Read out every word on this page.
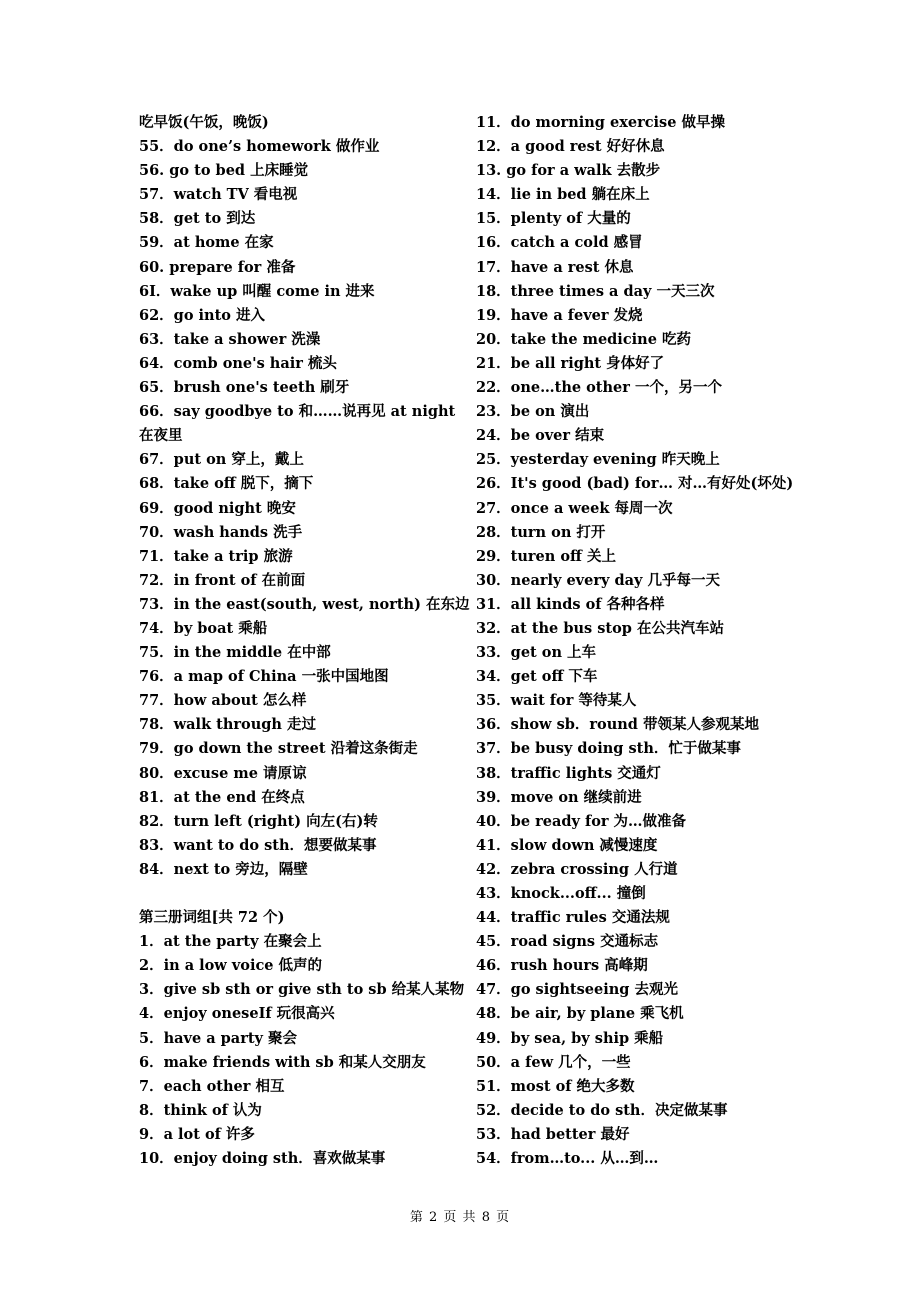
吃早饭(午饭，晚饭)
55．do one’s homework 做作业
56. go to bed 上床睡觉
57．watch TV 看电视
58．get to 到达
59．at home 在家
60. prepare for 准备
6I．wake up 叫醒 come in 进来
62．go into 进入
63．take a shower 洗澡
64．comb one's hair 梳头
65．brush one's teeth 刷牙
66．say goodbye to 和……说再见 at night 在夜里
67．put on 穿上，戴上
68．take off 脱下，摘下
69．good night 晚安
70．wash hands 洗手
71．take a trip 旅游
72．in front of 在前面
73．in the east(south, west, north) 在东边
74．by boat 乘船
75．in the middle 在中部
76．a map of China 一张中国地图
77．how about 怎么样
78．walk through 走过
79．go down the street 沿着这条街走
80．excuse me 请原谅
81．at the end 在终点
82．turn left (right) 向左(右)转
83．want to do sth．想要做某事
84．next to 旁边，隔壁
第三册词组[共 72 个)
1．at the party 在聚会上
2．in a low voice 低声的
3．give sb sth or give sth to sb 给某人某物
4．enjoy oneseIf 玩很高兴
5．have a party 聚会
6．make friends with sb 和某人交朋友
7．each other 相互
8．think of 认为
9．a lot of 许多
10．enjoy doing sth．喜欢做某事
11．do morning exercise 做早操
12．a good rest 好好休息
13. go for a walk 去散步
14．lie in bed 躺在床上
15．plenty of 大量的
16．catch a cold 感冒
17．have a rest 休息
18．three times a day 一天三次
19．have a fever 发烧
20．take the medicine 吃药
21．be all right 身体好了
22．one…the other 一个，另一个
23．be on 演出
24．be over 结束
25．yesterday evening 昨天晚上
26．It's good (bad) for… 对…有好处(坏处)
27．once a week 每周一次
28．turn on 打开
29．turen off 关上
30．nearly every day 几乎每一天
31．all kinds of 各种各样
32．at the bus stop 在公共汽车站
33．get on 上车
34．get off 下车
35．wait for 等待某人
36．show sb．round 带领某人参观某地
37．be busy doing sth．忙于做某事
38．traffic lights 交通灯
39．move on 继续前进
40．be ready for 为…做准备
41．slow down 减慢速度
42．zebra crossing 人行道
43．knock...off... 撞倒
44．traffic rules 交通法规
45．road signs 交通标志
46．rush hours 高峰期
47．go sightseeing 去观光
48．be air, by plane 乘飞机
49．by sea, by ship 乘船
50．a few 几个，一些
51．most of 绝大多数
52．decide to do sth．决定做某事
53．had better 最好
54．from…to... 从…到…
第 2 页 共 8 页
